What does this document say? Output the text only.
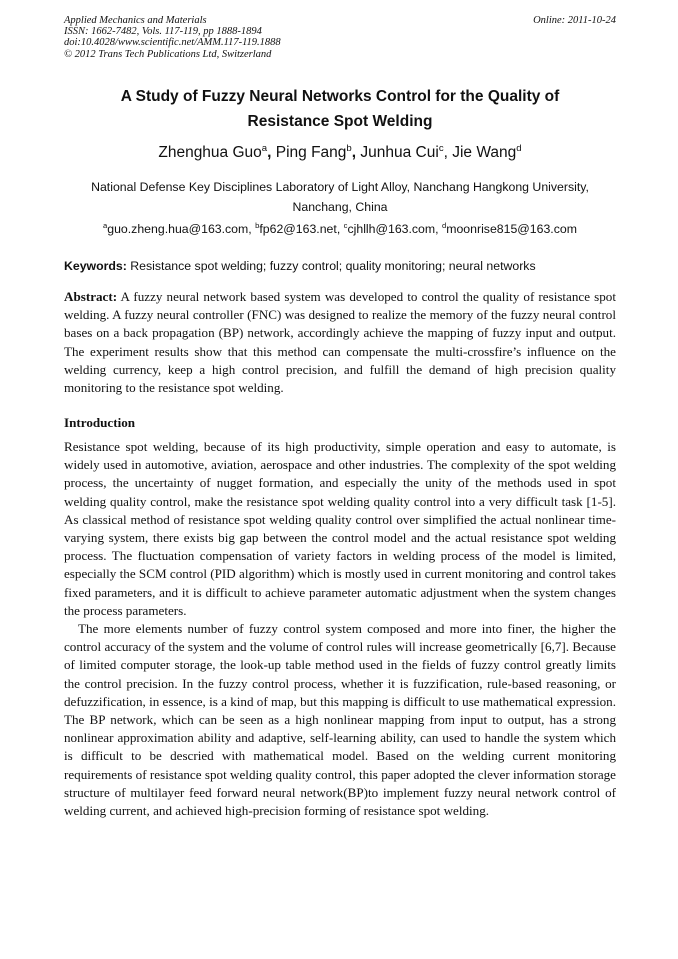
Applied Mechanics and Materials
ISSN: 1662-7482, Vols. 117-119, pp 1888-1894
doi:10.4028/www.scientific.net/AMM.117-119.1888
© 2012 Trans Tech Publications Ltd, Switzerland
Online: 2011-10-24
A Study of Fuzzy Neural Networks Control for the Quality of
Resistance Spot Welding
Zhenghua Guo$^a$, Ping Fang$^b$, Junhua Cui$^c$, Jie Wang$^d$
National Defense Key Disciplines Laboratory of Light Alloy, Nanchang Hangkong University,
Nanchang, China
$^a$guo.zheng.hua@163.com, $^b$fp62@163.net, $^c$cjhllh@163.com, $^d$moonrise815@163.com
Keywords: Resistance spot welding; fuzzy control; quality monitoring; neural networks
Abstract: A fuzzy neural network based system was developed to control the quality of resistance spot welding. A fuzzy neural controller (FNC) was designed to realize the memory of the fuzzy neural control bases on a back propagation (BP) network, accordingly achieve the mapping of fuzzy input and output. The experiment results show that this method can compensate the multi-crossfire’s influence on the welding currency, keep a high control precision, and fulfill the demand of high precision quality monitoring to the resistance spot welding.
Introduction

Resistance spot welding, because of its high productivity, simple operation and easy to automate, is widely used in automotive, aviation, aerospace and other industries. The complexity of the spot welding process, the uncertainty of nugget formation, and especially the unity of the methods used in spot welding quality control, make the resistance spot welding quality control into a very difficult task [1-5]. As classical method of resistance spot welding quality control over simplified the actual nonlinear time-varying system, there exists big gap between the control model and the actual resistance spot welding process. The fluctuation compensation of variety factors in welding process of the model is limited, especially the SCM control (PID algorithm) which is mostly used in current monitoring and control takes fixed parameters, and it is difficult to achieve parameter automatic adjustment when the system changes the process parameters.

The more elements number of fuzzy control system composed and more into finer, the higher the control accuracy of the system and the volume of control rules will increase geometrically [6,7]. Because of limited computer storage, the look-up table method used in the fields of fuzzy control greatly limits the control precision. In the fuzzy control process, whether it is fuzzification, rule-based reasoning, or defuzzification, in essence, is a kind of map, but this mapping is difficult to use mathematical expression. The BP network, which can be seen as a high nonlinear mapping from input to output, has a strong nonlinear approximation ability and adaptive, self-learning ability, can used to handle the system which is difficult to be descried with mathematical model. Based on the welding current monitoring requirements of resistance spot welding quality control, this paper adopted the clever information storage structure of multilayer feed forward neural network(BP)to implement fuzzy neural network control of welding current, and achieved high-precision forming of resistance spot welding.
